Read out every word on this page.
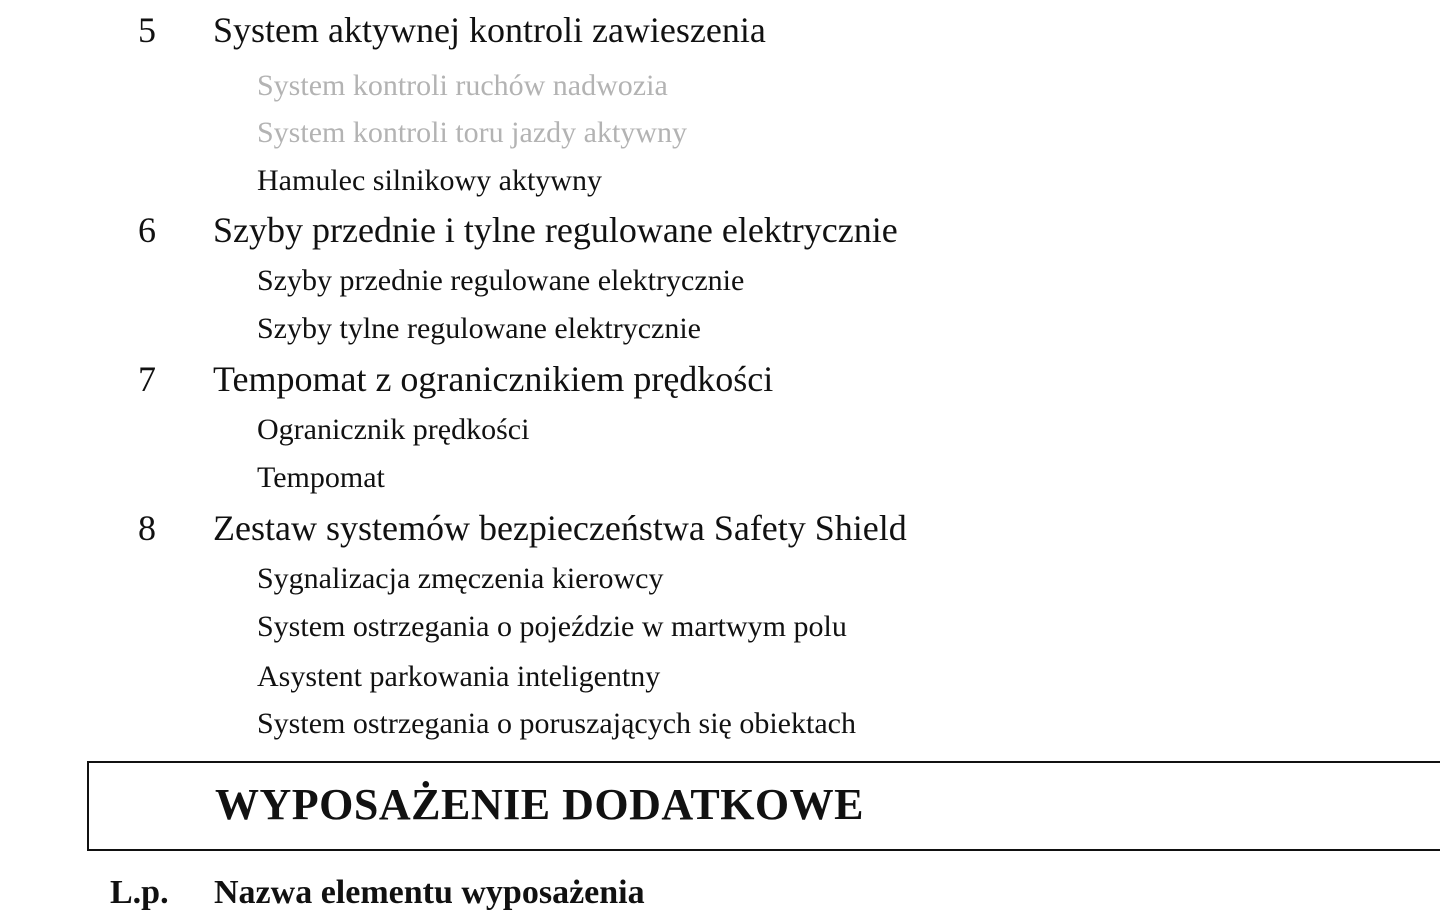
5 System aktywnej kontroli zawieszenia
System kontroli ruchów nadwozia
System kontroli toru jazdy aktywny
Hamulec silnikowy aktywny
6 Szyby przednie i tylne regulowane elektrycznie
Szyby przednie regulowane elektrycznie
Szyby tylne regulowane elektrycznie
7 Tempomat z ogranicznikiem prędkości
Ogranicznik prędkości
Tempomat
8 Zestaw systemów bezpieczeństwa Safety Shield
Sygnalizacja zmęczenia kierowcy
System ostrzegania o pojeździe w martwym polu
Asystent parkowania inteligentny
System ostrzegania o poruszających się obiektach
WYPOSAŻENIE DODATKOWE
L.p. Nazwa elementu wyposażenia
